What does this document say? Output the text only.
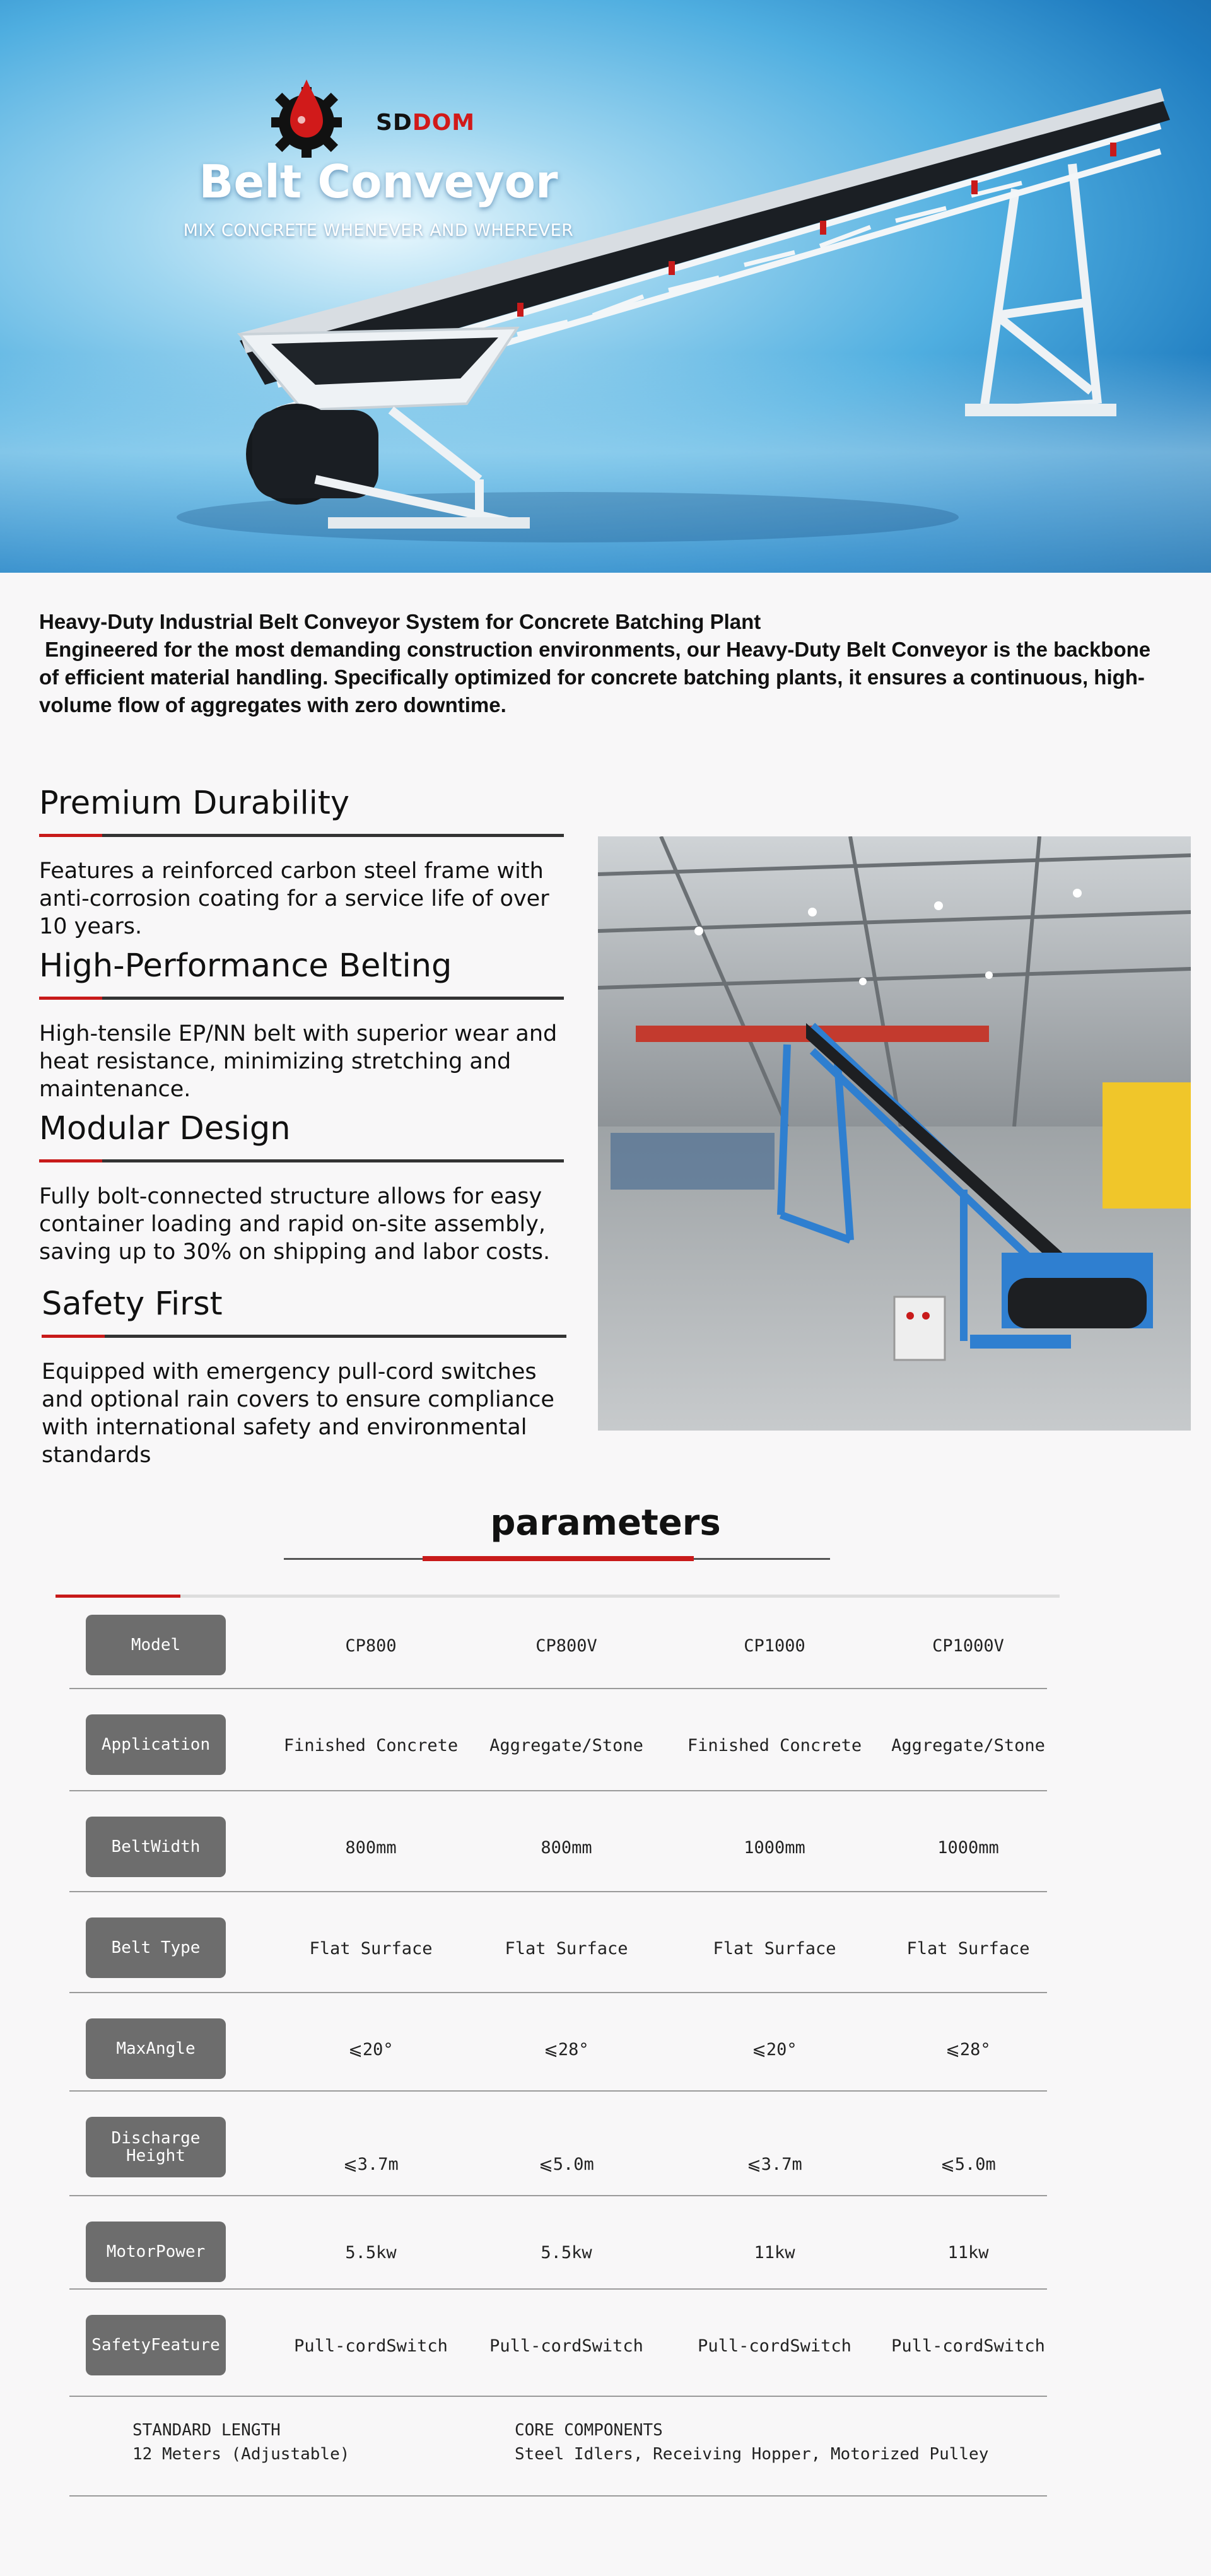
SDDOM
Belt Conveyor
MIX CONCRETE WHENEVER AND WHEREVER

Heavy-Duty Industrial Belt Conveyor System for Concrete Batching Plant

Engineered for the most demanding construction environments, our Heavy-Duty Belt Conveyor is the backbone of efficient material handling. Specifically optimized for concrete batching plants, it ensures a continuous, high-volume flow of aggregates with zero downtime.

Premium Durability

Features a reinforced carbon steel frame with anti-corrosion coating for a service life of over 10 years.

High-Performance Belting

High-tensile EP/NN belt with superior wear and heat resistance, minimizing stretching and maintenance.

Modular Design

Fully bolt-connected structure allows for easy container loading and rapid on-site assembly, saving up to 30% on shipping and labor costs.

Safety First

Equipped with emergency pull-cord switches and optional rain covers to ensure compliance with international safety and environmental standards

parameters
Model	CP800	CP800V	CP1000	CP1000V
Application	Finished Concrete	Aggregate/Stone	Finished Concrete	Aggregate/Stone
BeltWidth	800mm	800mm	1000mm	1000mm
Belt Type	Flat Surface	Flat Surface	Flat Surface	Flat Surface
MaxAngle	⩽20°	⩽28°	⩽20°	⩽28°
Discharge Height	⩽3.7m	⩽5.0m	⩽3.7m	⩽5.0m
MotorPower	5.5kw	5.5kw	11kw	11kw
SafetyFeature	Pull-cordSwitch	Pull-cordSwitch	Pull-cordSwitch	Pull-cordSwitch
STANDARD LENGTH
12 Meters (Adjustable)
CORE COMPONENTS
Steel Idlers, Receiving Hopper, Motorized Pulley
